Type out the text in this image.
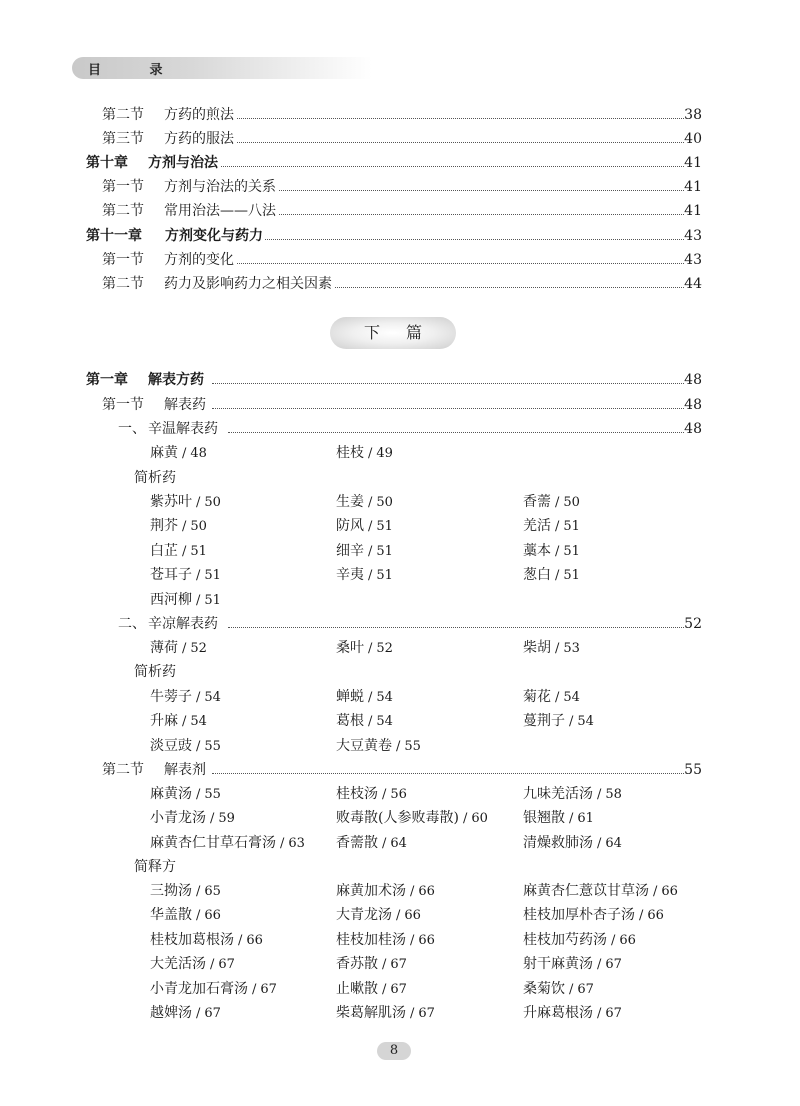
目 录
第二节 方药的煎法	38
第三节 方药的服法	40
第十章 方剂与治法	41
第一节 方剂与治法的关系	41
第二节 常用治法——八法	41
第十一章 方剂变化与药力	43
第一节 方剂的变化	43
第二节 药力及影响药力之相关因素	44
下篇
第一章 解表方药	48
第一节 解表药	48
一、 辛温解表药	48
简析药
二、 辛凉解表药	52
简析药
第二节 解表剂	55
简释方
麻黄 / 48	桂枝 / 49
紫苏叶 / 50	生姜 / 50	香薷 / 50
荆芥 / 50	防风 / 51	羌活 / 51
白芷 / 51	细辛 / 51	藁本 / 51
苍耳子 / 51	辛夷 / 51	葱白 / 51
西河柳 / 51
薄荷 / 52	桑叶 / 52	柴胡 / 53
牛蒡子 / 54	蝉蜕 / 54	菊花 / 54
升麻 / 54	葛根 / 54	蔓荆子 / 54
淡豆豉 / 55	大豆黄卷 / 55
麻黄汤 / 55	桂枝汤 / 56	九味羌活汤 / 58
小青龙汤 / 59	败毒散(人参败毒散) / 60	银翘散 / 61
麻黄杏仁甘草石膏汤 / 63 香薷散 / 64	清燥救肺汤 / 64
三拗汤 / 65	麻黄加术汤 / 66	麻黄杏仁薏苡甘草汤 / 66
华盖散 / 66	大青龙汤 / 66	桂枝加厚朴杏子汤 / 66
桂枝加葛根汤 / 66	桂枝加桂汤 / 66	桂枝加芍药汤 / 66
大羌活汤 / 67	香苏散 / 67	射干麻黄汤 / 67
小青龙加石膏汤 / 67	止嗽散 / 67	桑菊饮 / 67
越婢汤 / 67	柴葛解肌汤 / 67	升麻葛根汤 / 67
8
